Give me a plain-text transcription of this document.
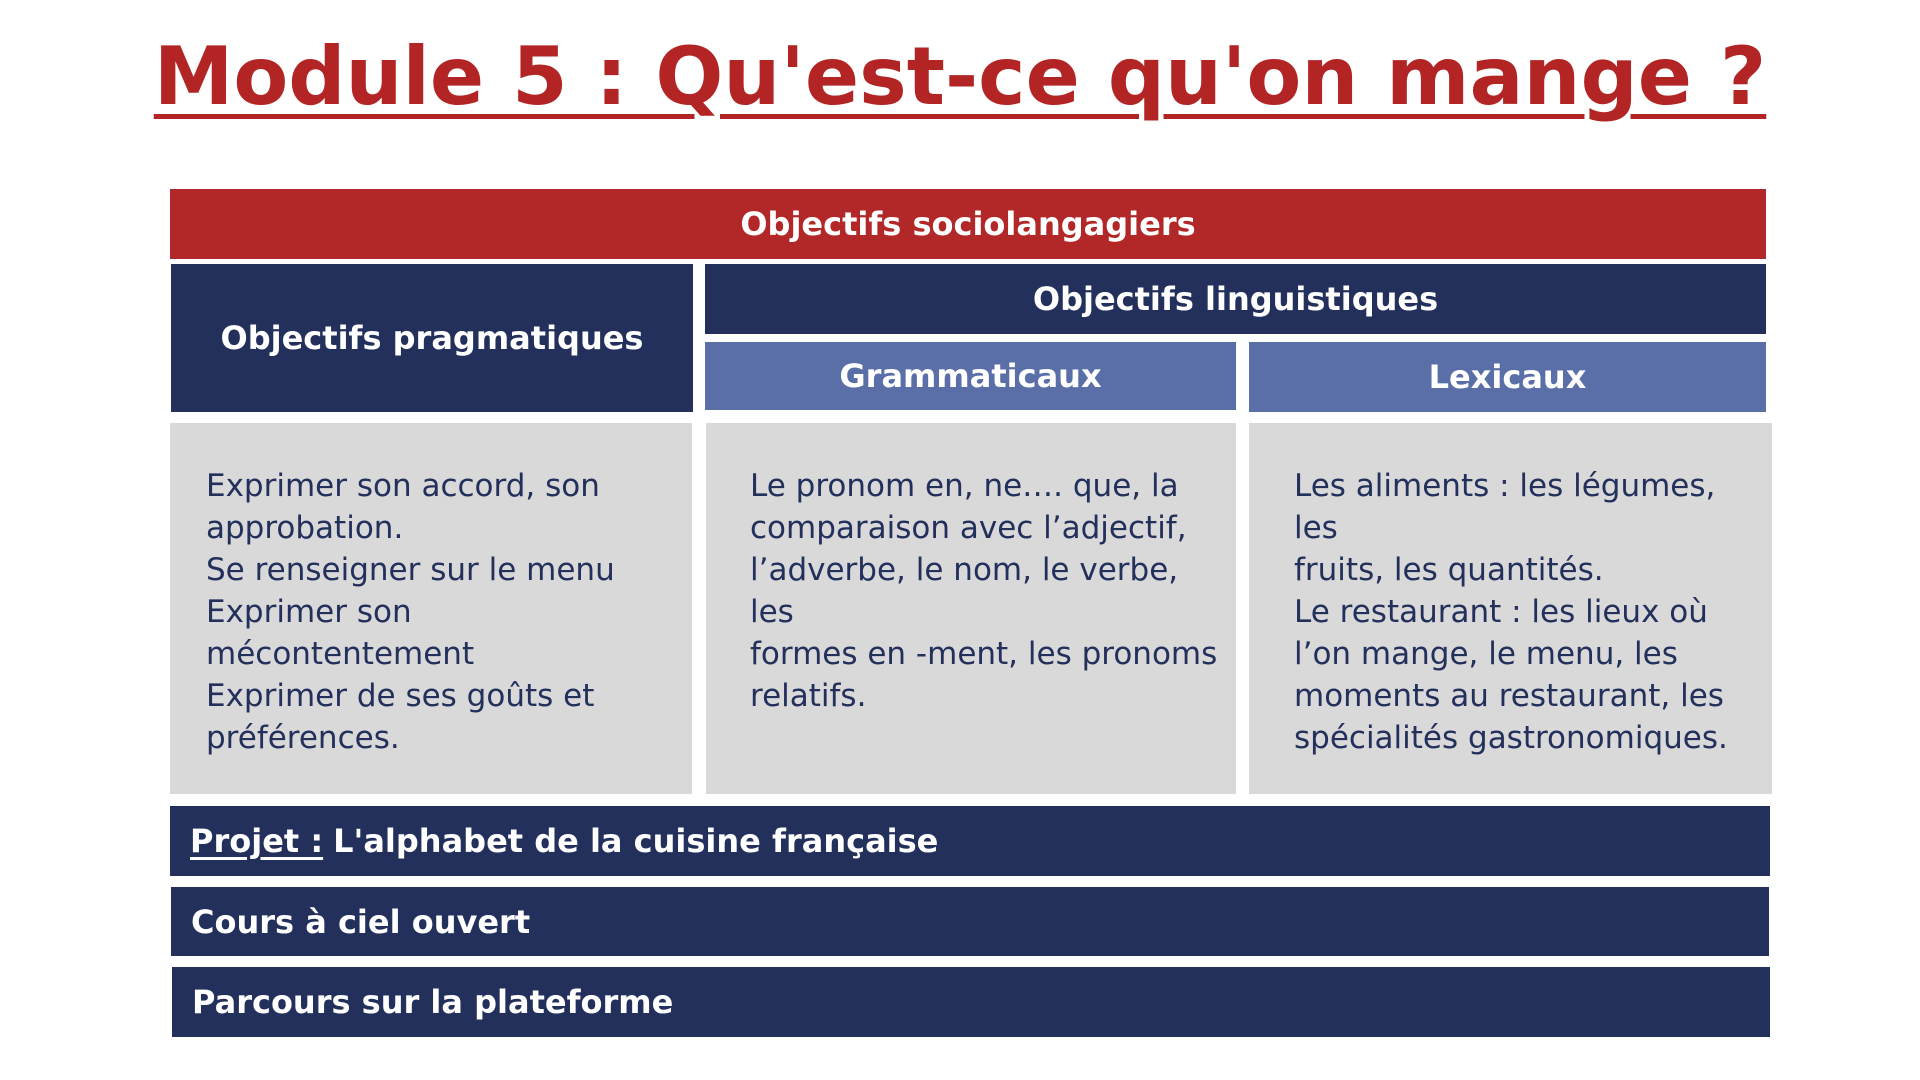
Module 5 : Qu'est-ce qu'on mange ?
Objectifs sociolangagiers
Objectifs pragmatiques
Objectifs linguistiques
Grammaticaux	Lexicaux
Exprimer son accord, son
approbation.
Se renseigner sur le menu
Exprimer son mécontentement
Exprimer de ses goûts et
préférences.
Le pronom en, ne…. que, la
comparaison avec l’adjectif,
l’adverbe, le nom, le verbe, les
formes en -ment, les pronoms
relatifs.
Les aliments : les légumes, les
fruits, les quantités.
Le restaurant : les lieux où
l’on mange, le menu, les
moments au restaurant, les
spécialités gastronomiques.
Projet : L'alphabet de la cuisine française
Cours à ciel ouvert
Parcours sur la plateforme
